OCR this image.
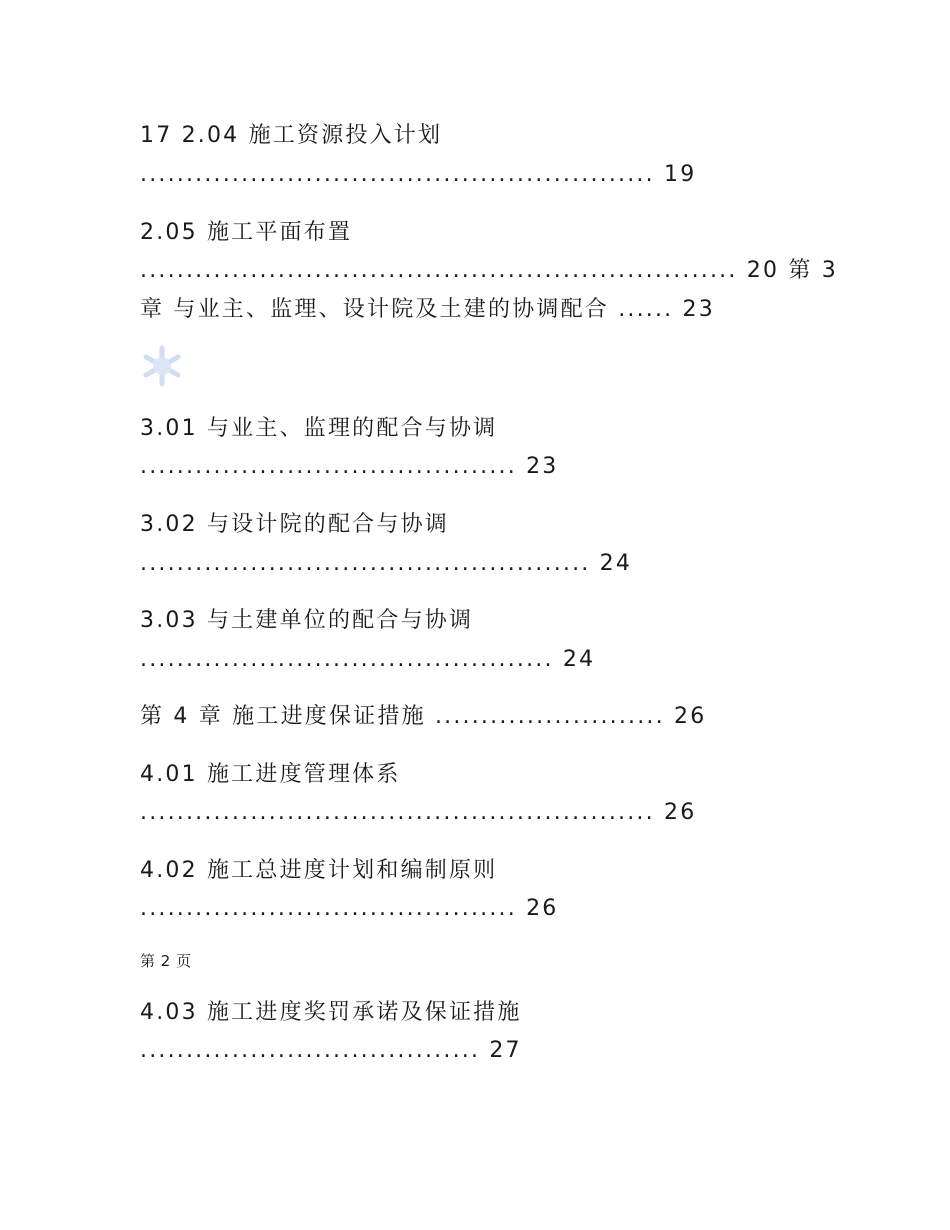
17 2.04 施工资源投入计划
........................................................ 19
2.05 施工平面布置
................................................................. 20 第 3
章 与业主、监理、设计院及土建的协调配合 ...... 23
3.01 与业主、监理的配合与协调
......................................... 23
3.02 与设计院的配合与协调
................................................. 24
3.03 与土建单位的配合与协调
............................................. 24
第 4 章 施工进度保证措施 ......................... 26
4.01 施工进度管理体系
........................................................ 26
4.02 施工总进度计划和编制原则
......................................... 26
第 2 页
4.03 施工进度奖罚承诺及保证措施
..................................... 27
